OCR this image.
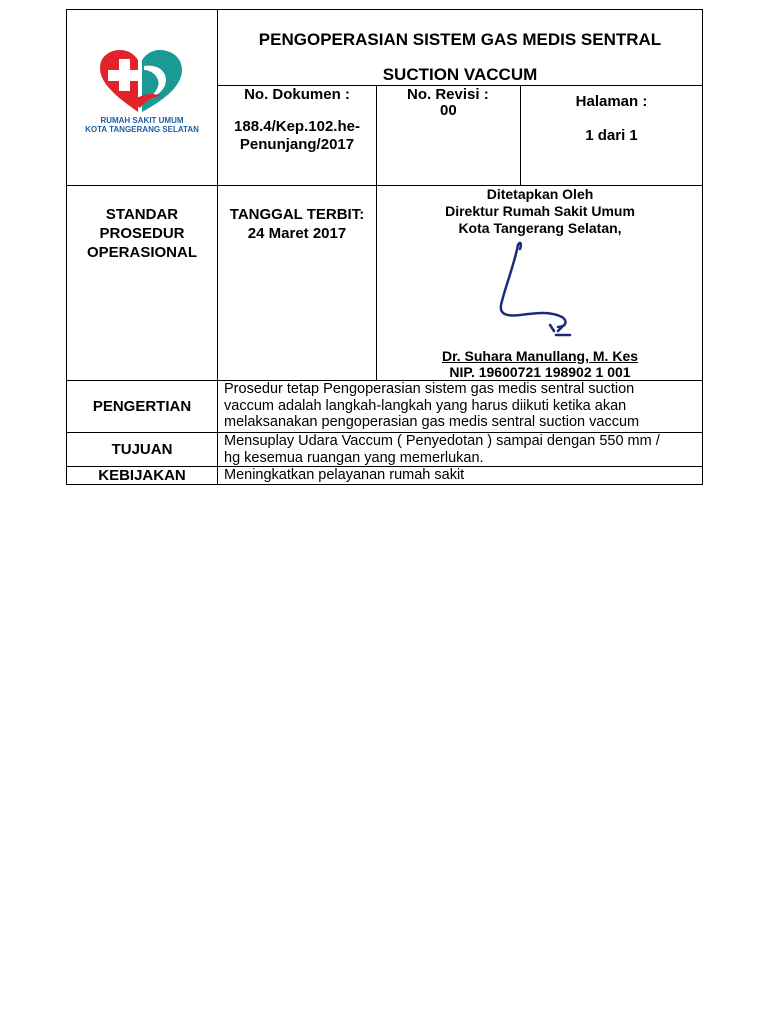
RUMAH SAKIT UMUM
KOTA TANGERANG SELATAN
PENGOPERASIAN SISTEM GAS MEDIS SENTRAL
SUCTION VACCUM
No. Dokumen :
188.4/Kep.102.he-
Penunjang/2017
No. Revisi :
00
Halaman :
1 dari 1
STANDAR
PROSEDUR
OPERASIONAL
TANGGAL TERBIT:
24 Maret 2017
Ditetapkan Oleh
Direktur Rumah Sakit Umum
Kota Tangerang Selatan,
Dr. Suhara Manullang, M. Kes
NIP. 19600721 198902 1 001
PENGERTIAN
Prosedur tetap Pengoperasian sistem gas medis sentral suction
vaccum adalah langkah-langkah yang harus diikuti ketika akan
melaksanakan pengoperasian gas medis sentral suction vaccum
TUJUAN	Mensuplay Udara Vaccum ( Penyedotan ) sampai dengan 550 mm /
hg kesemua ruangan yang memerlukan.
KEBIJAKAN	Meningkatkan pelayanan rumah sakit
